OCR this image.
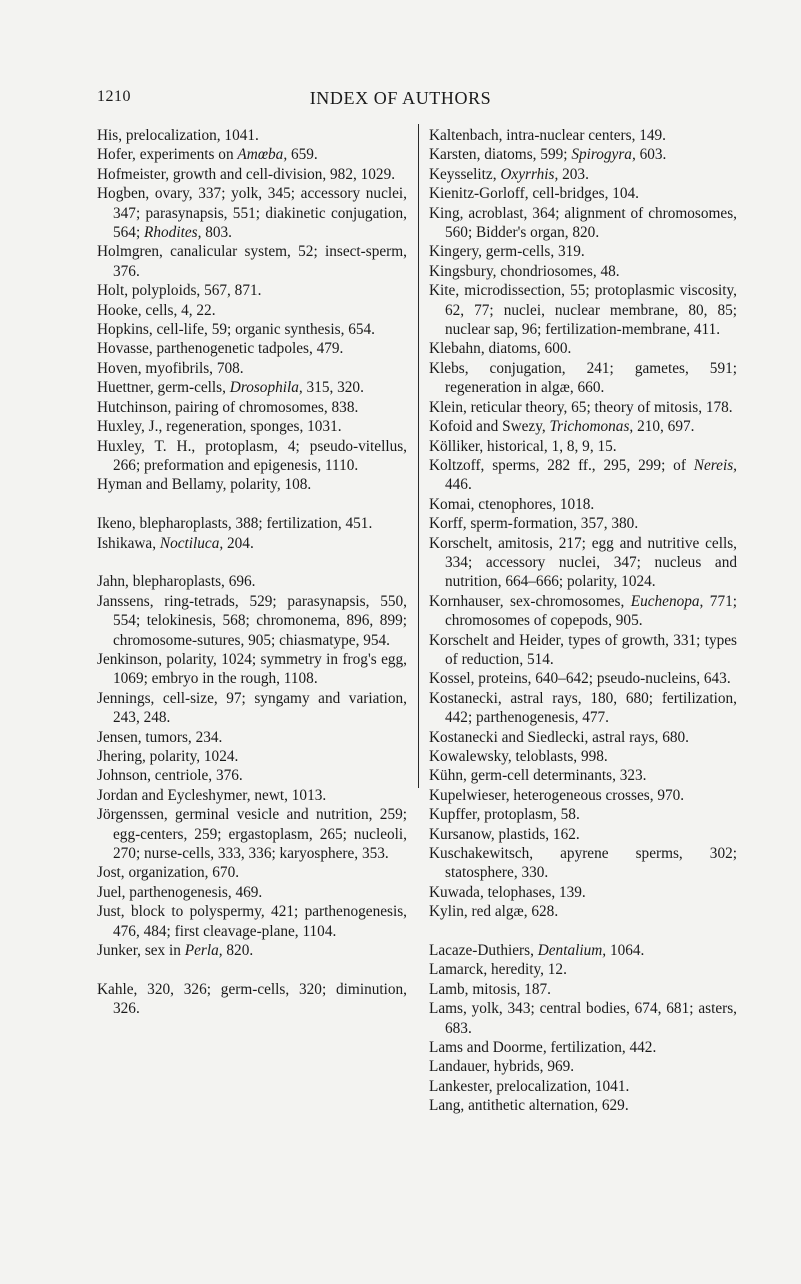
1210	INDEX OF AUTHORS
His, prelocalization, 1041.
Hofer, experiments on Amœba, 659.
Hofmeister, growth and cell-division, 982, 1029.
Hogben, ovary, 337; yolk, 345; accessory nuclei, 347; parasynapsis, 551; diakinetic conjugation, 564; Rhodites, 803.
Holmgren, canalicular system, 52; insect-sperm, 376.
Holt, polyploids, 567, 871.
Hooke, cells, 4, 22.
Hopkins, cell-life, 59; organic synthesis, 654.
Hovasse, parthenogenetic tadpoles, 479.
Hoven, myofibrils, 708.
Huettner, germ-cells, Drosophila, 315, 320.
Hutchinson, pairing of chromosomes, 838.
Huxley, J., regeneration, sponges, 1031.
Huxley, T. H., protoplasm, 4; pseudo-vitellus, 266; preformation and epigenesis, 1110.
Hyman and Bellamy, polarity, 108.
Ikeno, blepharoplasts, 388; fertilization, 451.
Ishikawa, Noctiluca, 204.
Jahn, blepharoplasts, 696.
Janssens, ring-tetrads, 529; parasynapsis, 550, 554; telokinesis, 568; chromonema, 896, 899; chromosome-sutures, 905; chiasmatype, 954.
Jenkinson, polarity, 1024; symmetry in frog's egg, 1069; embryo in the rough, 1108.
Jennings, cell-size, 97; syngamy and variation, 243, 248.
Jensen, tumors, 234.
Jhering, polarity, 1024.
Johnson, centriole, 376.
Jordan and Eycleshymer, newt, 1013.
Jörgenssen, germinal vesicle and nutrition, 259; egg-centers, 259; ergastoplasm, 265; nucleoli, 270; nurse-cells, 333, 336; karyosphere, 353.
Jost, organization, 670.
Juel, parthenogenesis, 469.
Just, block to polyspermy, 421; parthenogenesis, 476, 484; first cleavage-plane, 1104.
Junker, sex in Perla, 820.
Kahle, 320, 326; germ-cells, 320; diminution, 326.
Kaltenbach, intra-nuclear centers, 149.
Karsten, diatoms, 599; Spirogyra, 603.
Keysselitz, Oxyrrhis, 203.
Kienitz-Gorloff, cell-bridges, 104.
King, acroblast, 364; alignment of chromosomes, 560; Bidder's organ, 820.
Kingery, germ-cells, 319.
Kingsbury, chondriosomes, 48.
Kite, microdissection, 55; protoplasmic viscosity, 62, 77; nuclei, nuclear membrane, 80, 85; nuclear sap, 96; fertilization-membrane, 411.
Klebahn, diatoms, 600.
Klebs, conjugation, 241; gametes, 591; regeneration in algæ, 660.
Klein, reticular theory, 65; theory of mitosis, 178.
Kofoid and Swezy, Trichomonas, 210, 697.
Kölliker, historical, 1, 8, 9, 15.
Koltzoff, sperms, 282 ff., 295, 299; of Nereis, 446.
Komai, ctenophores, 1018.
Korff, sperm-formation, 357, 380.
Korschelt, amitosis, 217; egg and nutritive cells, 334; accessory nuclei, 347; nucleus and nutrition, 664–666; polarity, 1024.
Kornhauser, sex-chromosomes, Euchenopa, 771; chromosomes of copepods, 905.
Korschelt and Heider, types of growth, 331; types of reduction, 514.
Kossel, proteins, 640–642; pseudo-nucleins, 643.
Kostanecki, astral rays, 180, 680; fertilization, 442; parthenogenesis, 477.
Kostanecki and Siedlecki, astral rays, 680.
Kowalewsky, teloblasts, 998.
Kühn, germ-cell determinants, 323.
Kupelwieser, heterogeneous crosses, 970.
Kupffer, protoplasm, 58.
Kursanow, plastids, 162.
Kuschakewitsch, apyrene sperms, 302; statosphere, 330.
Kuwada, telophases, 139.
Kylin, red algæ, 628.
Lacaze-Duthiers, Dentalium, 1064.
Lamarck, heredity, 12.
Lamb, mitosis, 187.
Lams, yolk, 343; central bodies, 674, 681; asters, 683.
Lams and Doorme, fertilization, 442.
Landauer, hybrids, 969.
Lankester, prelocalization, 1041.
Lang, antithetic alternation, 629.
